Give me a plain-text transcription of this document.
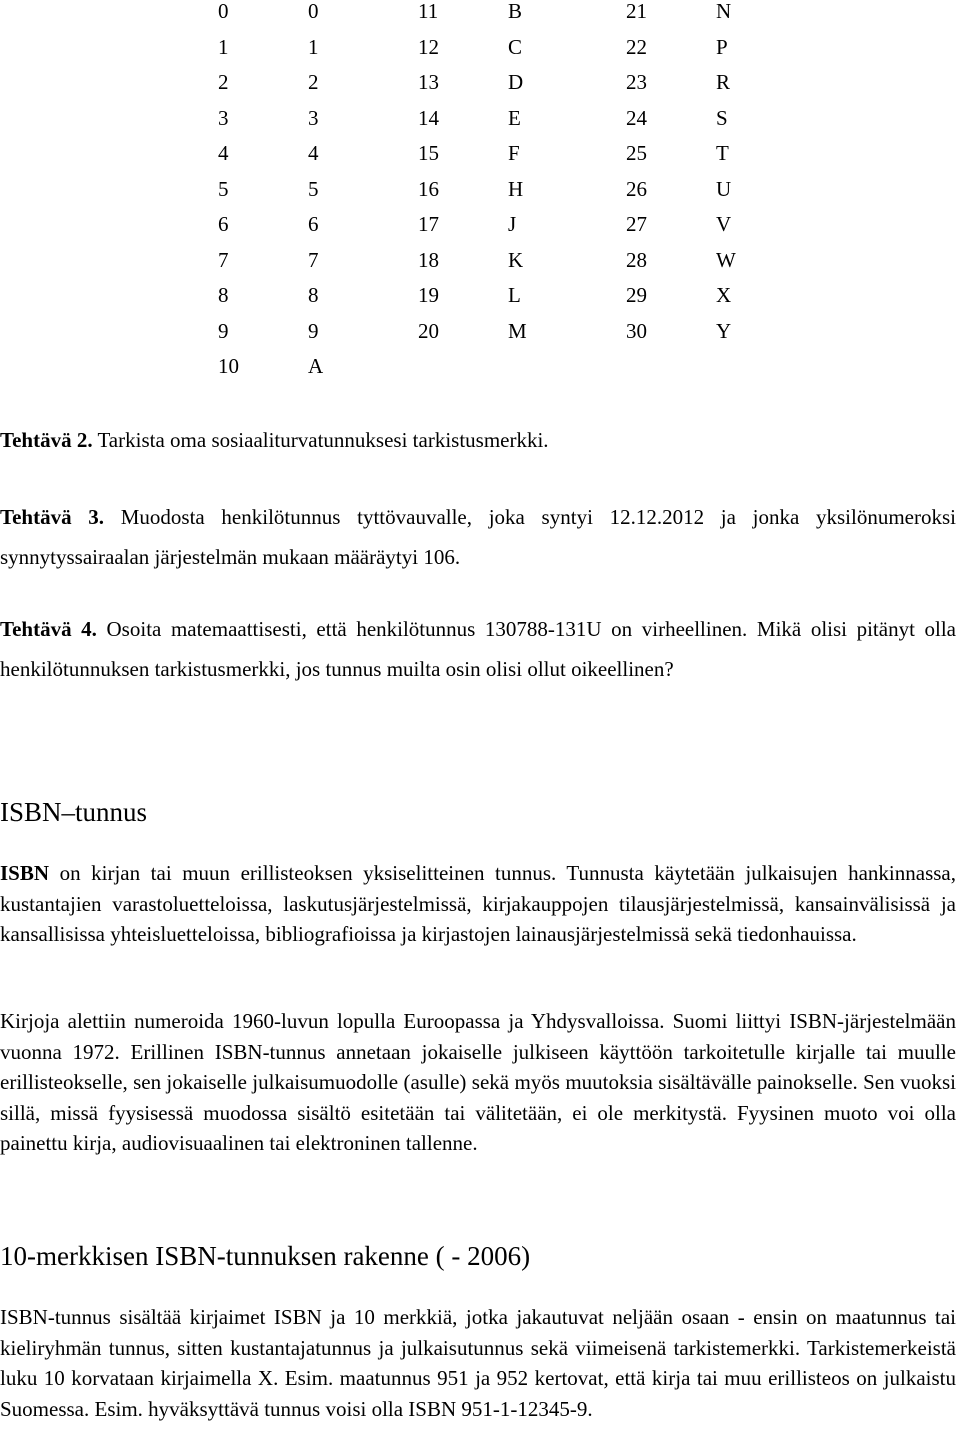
0	0	11	B	21	N
1	1	12	C	22	P
2	2	13	D	23	R
3	3	14	E	24	S
4	4	15	F	25	T
5	5	16	H	26	U
6	6	17	J	27	V
7	7	18	K	28	W
8	8	19	L	29	X
9	9	20	M	30	Y
10	A

Tehtävä 2. Tarkista oma sosiaaliturvatunnuksesi tarkistusmerkki.

Tehtävä 3. Muodosta henkilötunnus tyttövauvalle, joka syntyi 12.12.2012 ja jonka yksilönumeroksi synnytyssairaalan järjestelmän mukaan määräytyi 106.

Tehtävä 4. Osoita matemaattisesti, että henkilötunnus 130788-131U on virheellinen. Mikä olisi pitänyt olla henkilötunnuksen tarkistusmerkki, jos tunnus muilta osin olisi ollut oikeellinen?

ISBN–tunnus

ISBN on kirjan tai muun erillisteoksen yksiselitteinen tunnus. Tunnusta käytetään julkaisujen hankinnassa, kustantajien varastoluetteloissa, laskutusjärjestelmissä, kirjakauppojen tilausjärjestelmissä, kansainvälisissä ja kansallisissa yhteisluetteloissa, bibliografioissa ja kirjastojen lainausjärjestelmissä sekä tiedonhauissa.

Kirjoja alettiin numeroida 1960-luvun lopulla Euroopassa ja Yhdysvalloissa. Suomi liittyi ISBN-järjestelmään vuonna 1972. Erillinen ISBN-tunnus annetaan jokaiselle julkiseen käyttöön tarkoitetulle kirjalle tai muulle erillisteokselle, sen jokaiselle julkaisumuodolle (asulle) sekä myös muutoksia sisältävälle painokselle. Sen vuoksi sillä, missä fyysisessä muodossa sisältö esitetään tai välitetään, ei ole merkitystä. Fyysinen muoto voi olla painettu kirja, audiovisuaalinen tai elektroninen tallenne.

10-merkkisen ISBN-tunnuksen rakenne ( - 2006)

ISBN-tunnus sisältää kirjaimet ISBN ja 10 merkkiä, jotka jakautuvat neljään osaan - ensin on maatunnus tai kieliryhmän tunnus, sitten kustantajatunnus ja julkaisutunnus sekä viimeisenä tarkistemerkki. Tarkistemerkeistä luku 10 korvataan kirjaimella X. Esim. maatunnus 951 ja 952 kertovat, että kirja tai muu erillisteos on julkaistu Suomessa. Esim. hyväksyttävä tunnus voisi olla ISBN 951-1-12345-9.
